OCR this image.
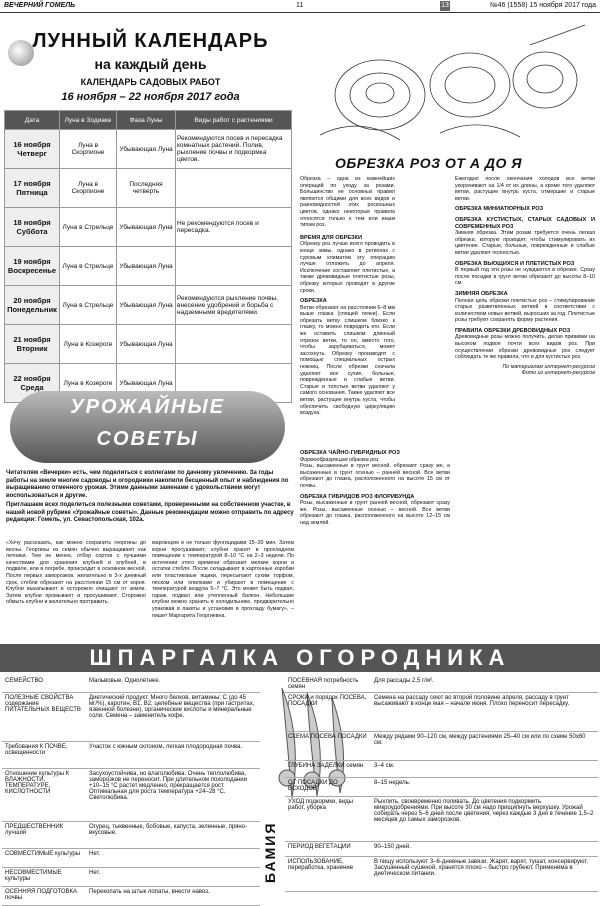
ВЕЧЕРНИЙ ГОМЕЛЬ	11	13	№46 (1558) 15 ноября 2017 года
ЛУННЫЙ КАЛЕНДАРЬ
на каждый день
КАЛЕНДАРЬ САДОВЫХ РАБОТ
16 ноября – 22 ноября 2017 года
Дата	Луна в Зодиаке	Фаза Луны	Виды работ с растениями
16 ноября Четверг	Луна в Скорпионе	Убывающая Луна	Рекомендуются посев и пересадка комнатных растений. Полив, рыхление почвы и подкормка цветов.
17 ноября Пятница	Луна в Скорпионе	Последняя четверть	
18 ноября Суббота	Луна в Стрельце	Убывающая Луна	Не рекомендуются посев и пересадка.
19 ноября Воскресенье	Луна в Стрельце	Убывающая Луна	
20 ноября Понедельник	Луна в Стрельце	Убывающая Луна	Рекомендуются рыхление почвы, внесение удобрений и борьба с надземными вредителями.
21 ноября Вторник	Луна в Козероге	Убывающая Луна	
22 ноября Среда	Луна в Козероге	Убывающая Луна	
УРОЖАЙНЫЕ
СОВЕТЫ
Читателям «Вечерки» есть, чем поделиться с коллегами по дачному увлечению. За годы работы на земле многие садоводы и огородники накопили бесценный опыт и наблюдения по выращиванию отменного урожая. Этими данными заменами с удовольствием могут воспользоваться и другие.
Приглашаем всех поделиться полезными советами, проверенными на собственном участке, в нашей новой рубрике «Урожайные советы». Данные рекомендации можно отправить по адресу редакции: Гомель, ул. Севастопольская, 102а.
«Хочу рассказать, как можно сохранить георгины до весны. Георгины из семян обычно выращивают как летники. Тем не менее, отбор сортов с лучшими качествами для хранения клубней и клубней, в подвале, или в погребе, происходит в основном весной. После первых заморозков, желательно в 3-х дневный срок, стебли обрезают на расстоянии 15 см от корня. Клубни выкапывают и осторожно очищают от земли. Затем клубни промывают и просушивают. Сторожно обмыть клубни и желательно протравить.
марганцем и не только фунгицидами 15–20 мин. Затем корни просушивают, клубни хранят в прохладном помещении с температурой 8–10 °С на 2–3 недели. По истечении этого времени обрезают мелкие корни и остатки стебля. После складывают в картонные коробки или пластиковые ящики, пересыпают сухим торфом, песком или опилками и убирают в помещение с температурой воздуха 5–7 °С. Это может быть подвал, гараж, подвал или утепленный балкон. Небольшие клубни можно хранить в холодильнике, предварительно упаковав в пакеты и установив в прохладу бумагу», – пишет Маргарита Георгиевна.
ОБРЕЗКА РОЗ ОТ А ДО Я
Обрезка – одна из важнейших операций по уходу за розами. Большинство ее основных правил являются общими для всех видов и разновидностей этих роскошных цветов, однако некоторые правила относятся только к тем или иным типам роз.
ВРЕМЯ ДЛЯ ОБРЕЗКИ
Обрезку роз лучше всего проводить в конце зимы, однако в регионах с суровым климатом эту операцию лучше отложить до апреля. Исключение составляет плетистые, а также древовидные плетистые розы, обрезку которых проводят в другие сроки.
ОБРЕЗКА
Ветки обрезают на расстоянии 6–8 мм выше глазка (спящей почки). Если обрезать ветку слишком близко к глазку, то можно повредить его. Если же оставить слишком длинный отрезок ветки, то он, вместо того, чтобы зарубцеваться, может засохнуть. Обрезку производят с помощью специальных острых ножниц. После обрезки сначала удаляют все сухие, больные, поврежденные и слабые ветви. Старые и толстые ветви удаляют у самого основания. Также удаляют все ветви, растущие внутрь куста, чтобы обеспечить свободную циркуляцию воздуха.
ОБРЕЗКА ЧАЙНО-ГИБРИДНЫХ РОЗ
Формообразующая обрезка роз
Розы, высаженные в грунт весной, обрезают сразу же, а высаженные в грунт осенью – ранней весной. Все ветви обрезают до глазка, расположенного на высоте 15 см от почвы.
ОБРЕЗКА ГИБРИДОВ РОЗ ФЛОРИБУНДА
Розы, высаженные в грунт ранней весной, обрезают сразу же. Розы, высаженные осенью – весной. Все ветви обрезают до глазка, расположенного на высоте 12–15 см над землей.
Ежегодно после окончания холодов все ветви укорачивают на 1/4 от их длины, а кроме того удаляют ветви, растущие внутрь куста, отмершие и старые ветви.
ОБРЕЗКА МИНИАТЮРНЫХ РОЗ
ОБРЕЗКА КУСТИСТЫХ, СТАРЫХ САДОВЫХ И СОВРЕМЕННЫХ РОЗ
Зимняя обрезка. Этим розам требуется очень легкая обрезка, которую проводят, чтобы стимулировать их цветение. Старые, больные, поврежденные и слабые ветви удаляют полностью.
ОБРЕЗКА ВЬЮЩИХСЯ И ПЛЕТИСТЫХ РОЗ
В первый год эти розы не нуждаются в обрезке. Сразу после посадки в грунт ветви обрезают до высоты 8–10 см.
ЗИМНЯЯ ОБРЕЗКА
Полная цель обрезки плетистых роз – стимулирование старых разветвленных ветвей в соответствии с количеством новых ветвей, выросших за год. Плетистые розы требуют сохранять форму растения.
ПРАВИЛА ОБРЕЗКИ ДРЕВОВИДНЫХ РОЗ
Древовидные розы можно получить, делая прививки на высоком подвое почти всех видов роз. При осуществлении обрезки древовидных роз следует соблюдать те же правила, что и для кустистых роз.
По материалам интернет-ресурсов
Фото из интернет-ресурсов
ШПАРГАЛКА ОГОРОДНИКА
СЕМЕЙСТВО	Мальвовые. Однолетнее.
ПОЛЕЗНЫЕ СВОЙСТВА содержание ПИТАТЕЛЬНЫХ ВЕЩЕСТВ	Диетический продукт. Много белков, витамины: С (до 45 мг/%), каротин, В1, В2, целебные вещества (при гастритах, язвенной болезни), органические кислоты и минеральные соли. Семена – заменитель кофе.
Требования К ПОЧВЕ, освещенности	Участок с южным склоном, легкая плодородная почва.
Отношение культуры К ВЛАЖНОСТИ, ТЕМПЕРАТУРЕ, КИСЛОТНОСТИ	Засухоустойчива, но влаголюбива. Очень теплолюбива, заморозков не переносит. При длительном похолодании +10–15 °С растет медленно, прекращается рост. Оптимальная для роста температура +24–28 °С. Светолюбива.
ПРЕДШЕСТВЕННИК лучший	Огурец, тыквенные, бобовые, капуста, зеленные, пряно-вкусовые.
СОВМЕСТИМЫЕ культуры	Нет.
НЕСОВМЕСТИМЫЕ культуры	Нет.
ОСЕННЯЯ ПОДГОТОВКА почвы	Перекопать на штык лопаты, внести навоз.
БАМИЯ
ПОСЕВНАЯ потребность семян	Для рассады 2,5 г/м².
СРОКИ и порядок ПОСЕВА, ПОСАДКИ	Семена на рассаду сеют во второй половине апреля, рассаду в грунт высаживают в конце мая – начале июня. Плохо переносит пересадку.
СХЕМА ПОСЕВА ПОСАДКИ	Между рядами 90–120 см, между растениями 25–40 см или по схеме 50х60 см.
ГЛУБИНА ЗАДЕЛКИ семян	3–4 см.
ОТ ПОСАДКИ ДО ВСХОДОВ	8–15 недель.
УХОД подкормки, виды работ, уборка	Рыхлить, своевременно поливать. До цветения подкормить микроудобрениями. При высоте 30 см надо прищипнуть верхушку. Урожай собирать через 5–6 дней после цветения, через каждые 3 дня в течение 1,5–2 месяцев до самых заморозков.
ПЕРИОД ВЕГЕТАЦИИ	90–150 дней.
ИСПОЛЬЗОВАНИЕ, переработка, хранение	В пищу используют 3–6-дневные завязи. Жарят, варят, тушат, консервируют. Засушенный сушеной, хранятся плохо – быстро грубеют. Применима в диетическом питании.
